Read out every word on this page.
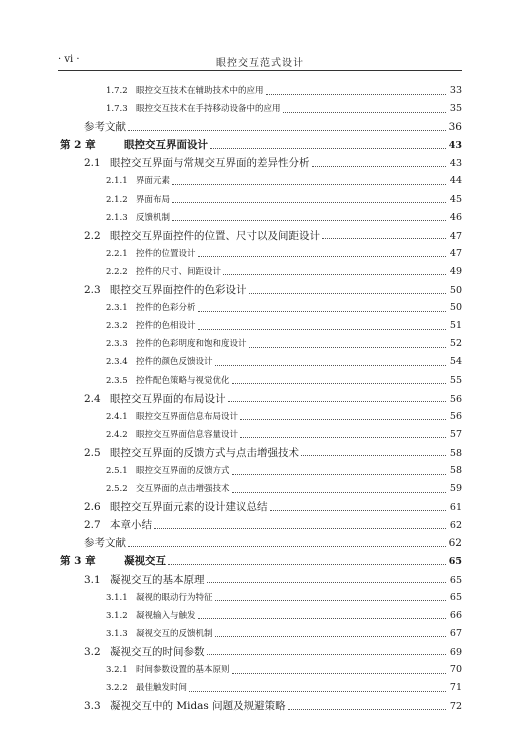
· vi ·	眼控交互范式设计
1.7.2 眼控交互技术在辅助技术中的应用	33
1.7.3 眼控交互技术在手持移动设备中的应用	35
参考文献	36
第 2 章	眼控交互界面设计	43
2.1 眼控交互界面与常规交互界面的差异性分析	43
2.1.1 界面元素	44
2.1.2 界面布局	45
2.1.3 反馈机制	46
2.2 眼控交互界面控件的位置、尺寸以及间距设计	47
2.2.1 控件的位置设计	47
2.2.2 控件的尺寸、间距设计	49
2.3 眼控交互界面控件的色彩设计	50
2.3.1 控件的色彩分析	50
2.3.2 控件的色相设计	51
2.3.3 控件的色彩明度和饱和度设计	52
2.3.4 控件的颜色反馈设计	54
2.3.5 控件配色策略与视觉优化	55
2.4 眼控交互界面的布局设计	56
2.4.1 眼控交互界面信息布局设计	56
2.4.2 眼控交互界面信息容量设计	57
2.5 眼控交互界面的反馈方式与点击增强技术	58
2.5.1 眼控交互界面的反馈方式	58
2.5.2 交互界面的点击增强技术	59
2.6 眼控交互界面元素的设计建议总结	61
2.7 本章小结	62
参考文献	62
第 3 章	凝视交互	65
3.1 凝视交互的基本原理	65
3.1.1 凝视的眼动行为特征	65
3.1.2 凝视输入与触发	66
3.1.3 凝视交互的反馈机制	67
3.2 凝视交互的时间参数	69
3.2.1 时间参数设置的基本原则	70
3.2.2 最佳触发时间	71
3.3 凝视交互中的 Midas 问题及规避策略	72
